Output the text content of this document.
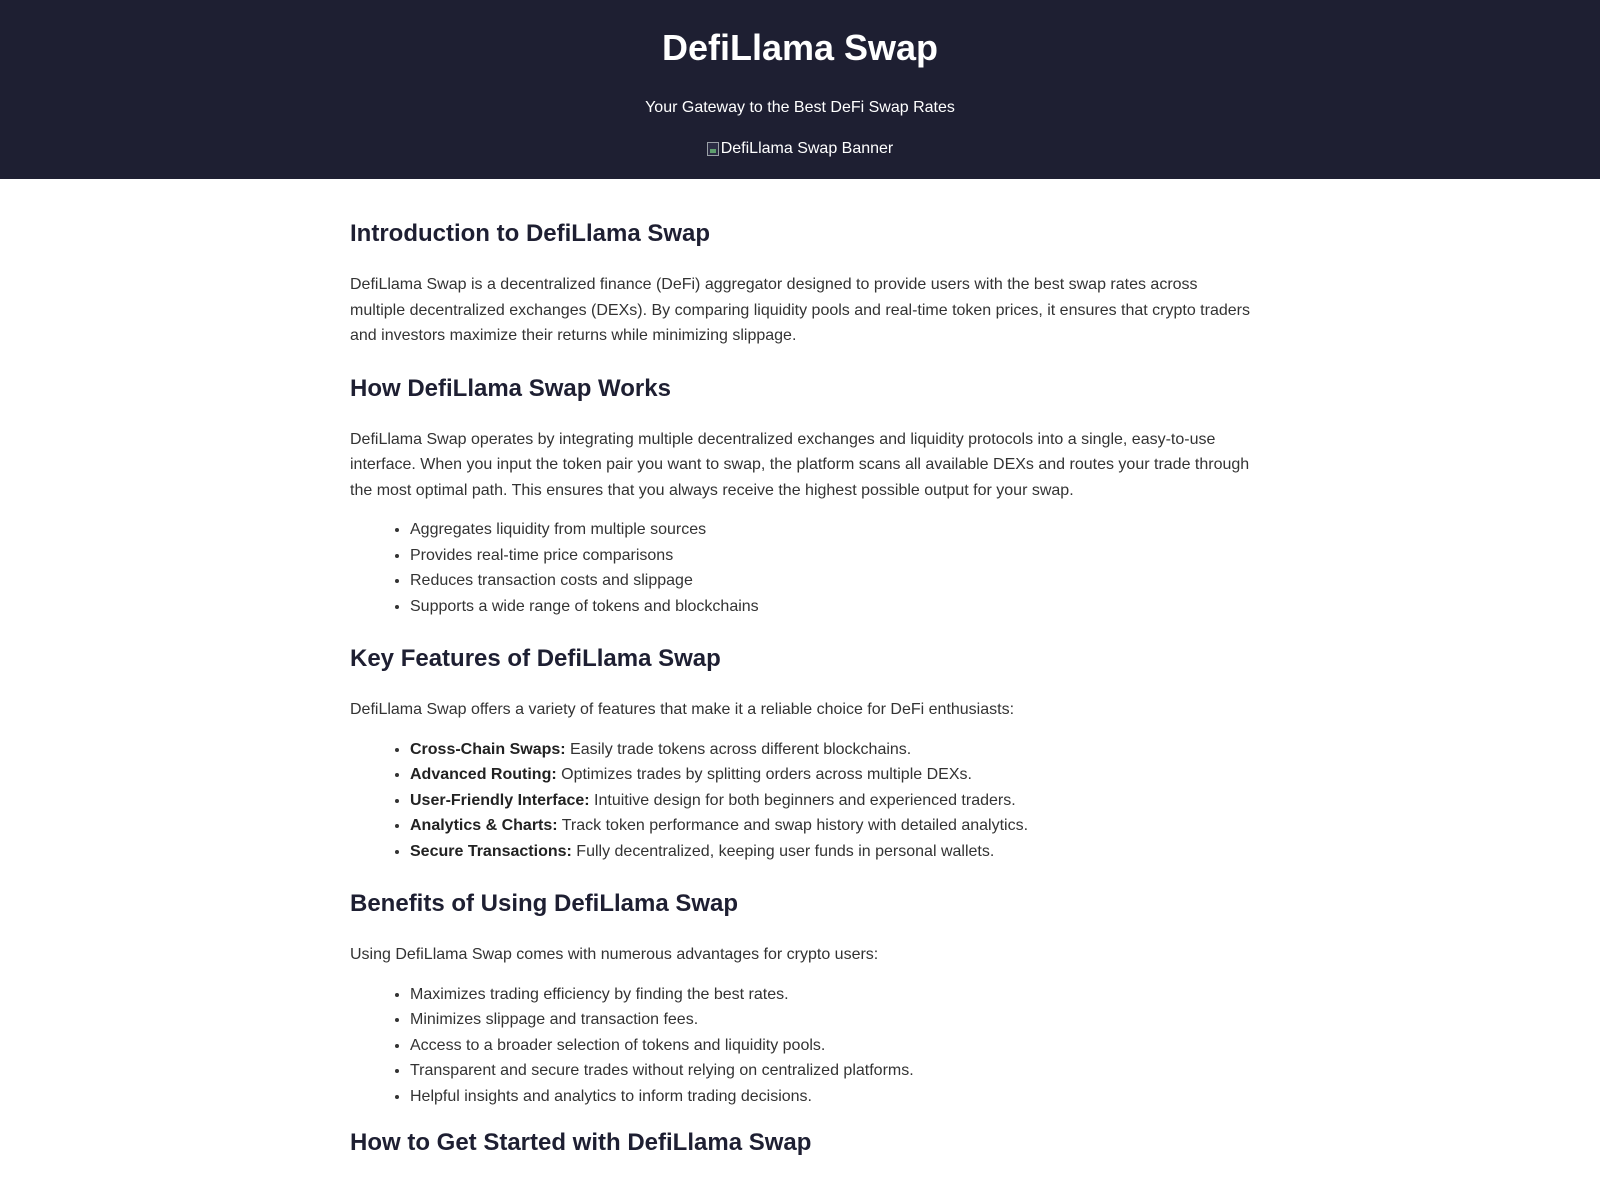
DefiLlama Swap

Your Gateway to the Best DeFi Swap Rates

DefiLlama Swap Banner
Introduction to DefiLlama Swap

DefiLlama Swap is a decentralized finance (DeFi) aggregator designed to provide users with the best swap rates across multiple decentralized exchanges (DEXs). By comparing liquidity pools and real-time token prices, it ensures that crypto traders and investors maximize their returns while minimizing slippage.

How DefiLlama Swap Works

DefiLlama Swap operates by integrating multiple decentralized exchanges and liquidity protocols into a single, easy-to-use interface. When you input the token pair you want to swap, the platform scans all available DEXs and routes your trade through the most optimal path. This ensures that you always receive the highest possible output for your swap.

• Aggregates liquidity from multiple sources
• Provides real-time price comparisons
• Reduces transaction costs and slippage
• Supports a wide range of tokens and blockchains
Key Features of DefiLlama Swap

DefiLlama Swap offers a variety of features that make it a reliable choice for DeFi enthusiasts:

• Cross-Chain Swaps: Easily trade tokens across different blockchains.
• Advanced Routing: Optimizes trades by splitting orders across multiple DEXs.
• User-Friendly Interface: Intuitive design for both beginners and experienced traders.
• Analytics & Charts: Track token performance and swap history with detailed analytics.
• Secure Transactions: Fully decentralized, keeping user funds in personal wallets.
Benefits of Using DefiLlama Swap

Using DefiLlama Swap comes with numerous advantages for crypto users:

• Maximizes trading efficiency by finding the best rates.
• Minimizes slippage and transaction fees.
• Access to a broader selection of tokens and liquidity pools.
• Transparent and secure trades without relying on centralized platforms.
• Helpful insights and analytics to inform trading decisions.
How to Get Started with DefiLlama Swap
